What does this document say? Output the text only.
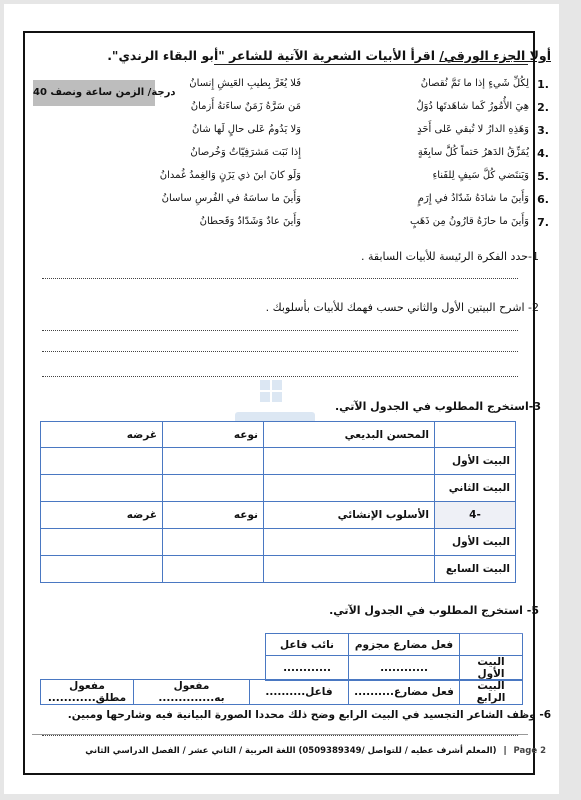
أولا الجزء الورقي/ اقرأ الأبيات الشعرية الآتية للشاعر "أبو البقاء الرندي".
40 درجة/ الزمن ساعة ونصف
1.
لِكُلِّ شَيءٍ إذا ما تَمَّ نُقصانُ
فَلا يُغَرَّ بِطيبِ العَيشِ إِنسانُ
2.
هِيَ الأُمُورُ كَما شاهَدتَها دُوَلٌ
مَن سَرَّهُ زَمَنٌ ساءَتهُ أَزمانُ
3.
وَهَذِهِ الدارُ لا تُبقي عَلى أَحَدٍ
وَلا يَدُومُ عَلى حالٍ لَها شانُ
4.
يُمَزِّقُ الدَهرُ حَتماً كُلَّ سابِغَةٍ
إِذا نَبَت مَشرَفِيّاتٌ وَخُرصانُ
5.
وَيَنتَضي كُلَّ سَيفٍ لِلفَناءِ
وَلَو كانَ ابنَ ذي يَزَنٍ وَالغِمدُ غُمدانُ
6.
وَأَينَ ما شادَهُ شَدّادُ في إِرَمٍ
وَأَينَ ما ساسَهُ في الفُرسِ ساسانُ
7.
وَأَينَ ما حازَهُ قارُونُ مِن ذَهَبٍ
وَأَينَ عادٌ وَشَدّادٌ وَقَحطانُ
1-حدد الفكرة الرئيسة للأبيات السابقة .
2- اشرح البيتين الأول والثاني حسب فهمك للأبيات بأسلوبك .
3-استخرج المطلوب في الجدول الآتي.
	المحسن البديعي	نوعه	غرضه
البيت الأول			
البيت الثاني			
-4	الأسلوب الإنشائي	نوعه	غرضه
البيت الأول			
البيت السابع			
5- استخرج المطلوب في الجدول الآتي.
	فعل مضارع مجزوم	نائب فاعل
البيت الأول	............	............
البيت الرابع	فعل مضارع..........	فاعل..........	مفعول به..............	مفعول مطلق............
6- وظف الشاعر التجسيد في البيت الرابع وضح ذلك محددا الصورة البيانية فيه وشارحها ومبين.
Page 2 | (المعلم أشرف عطيه / للتواصل /0509389349) اللغة العربية / الثاني عشر / الفصل الدراسي الثاني
